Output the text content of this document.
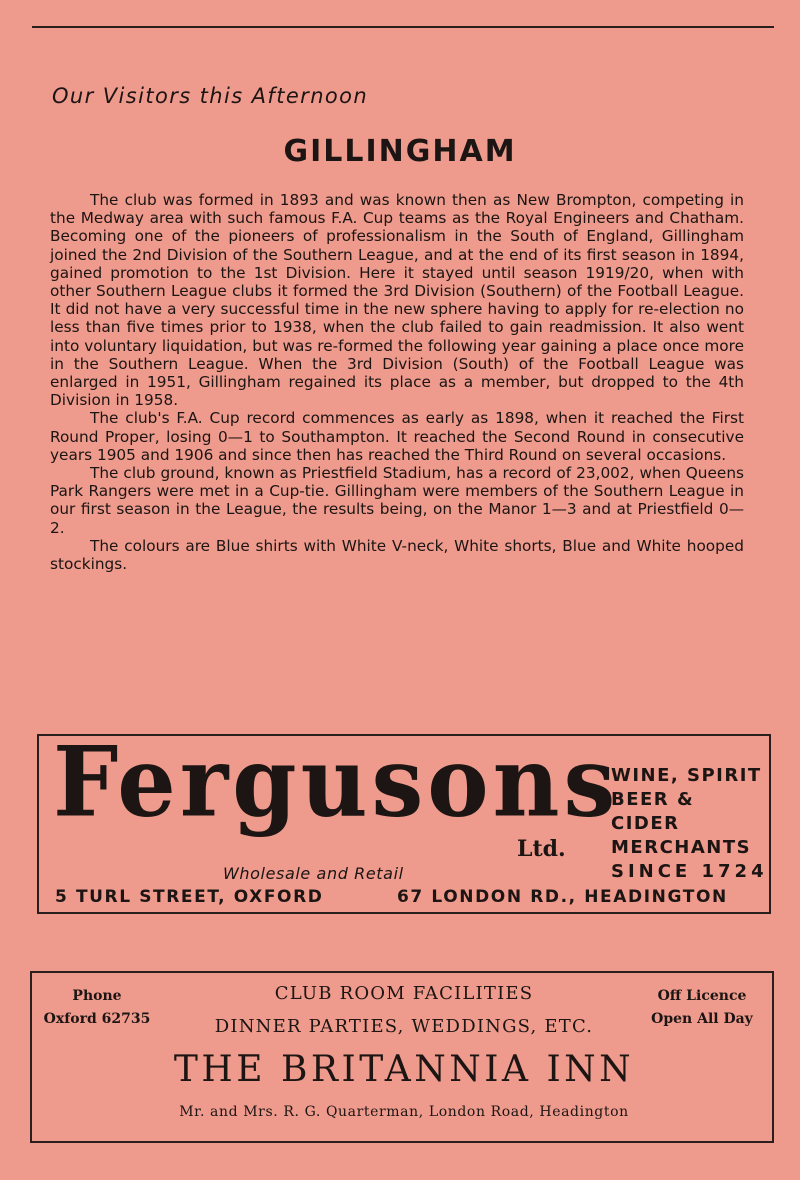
Our Visitors this Afternoon
GILLINGHAM

The club was formed in 1893 and was known then as New Brompton, competing in the Medway area with such famous F.A. Cup teams as the Royal Engineers and Chatham. Becoming one of the pioneers of professionalism in the South of England, Gillingham joined the 2nd Division of the Southern League, and at the end of its first season in 1894, gained promotion to the 1st Division. Here it stayed until season 1919/20, when with other Southern League clubs it formed the 3rd Division (Southern) of the Football League. It did not have a very successful time in the new sphere having to apply for re-election no less than five times prior to 1938, when the club failed to gain readmission. It also went into voluntary liquidation, but was re-formed the following year gaining a place once more in the Southern League. When the 3rd Division (South) of the Football League was enlarged in 1951, Gillingham regained its place as a member, but dropped to the 4th Division in 1958.

The club's F.A. Cup record commences as early as 1898, when it reached the First Round Proper, losing 0—1 to Southampton. It reached the Second Round in consecutive years 1905 and 1906 and since then has reached the Third Round on several occasions.

The club ground, known as Priestfield Stadium, has a record of 23,002, when Queens Park Rangers were met in a Cup-tie. Gillingham were members of the Southern League in our first season in the League, the results being, on the Manor 1—3 and at Priestfield 0—2.

The colours are Blue shirts with White V-neck, White shorts, Blue and White hooped stockings.

Fergusons
Ltd.
WINE, SPIRIT
BEER & CIDER
MERCHANTS
SINCE 1724
Wholesale and Retail
5 TURL STREET, OXFORD	67 LONDON RD., HEADINGTON
Phone
Oxford 62735
CLUB ROOM FACILITIES
DINNER PARTIES, WEDDINGS, ETC.
Off Licence
Open All Day
THE BRITANNIA INN
Mr. and Mrs. R. G. Quarterman, London Road, Headington
